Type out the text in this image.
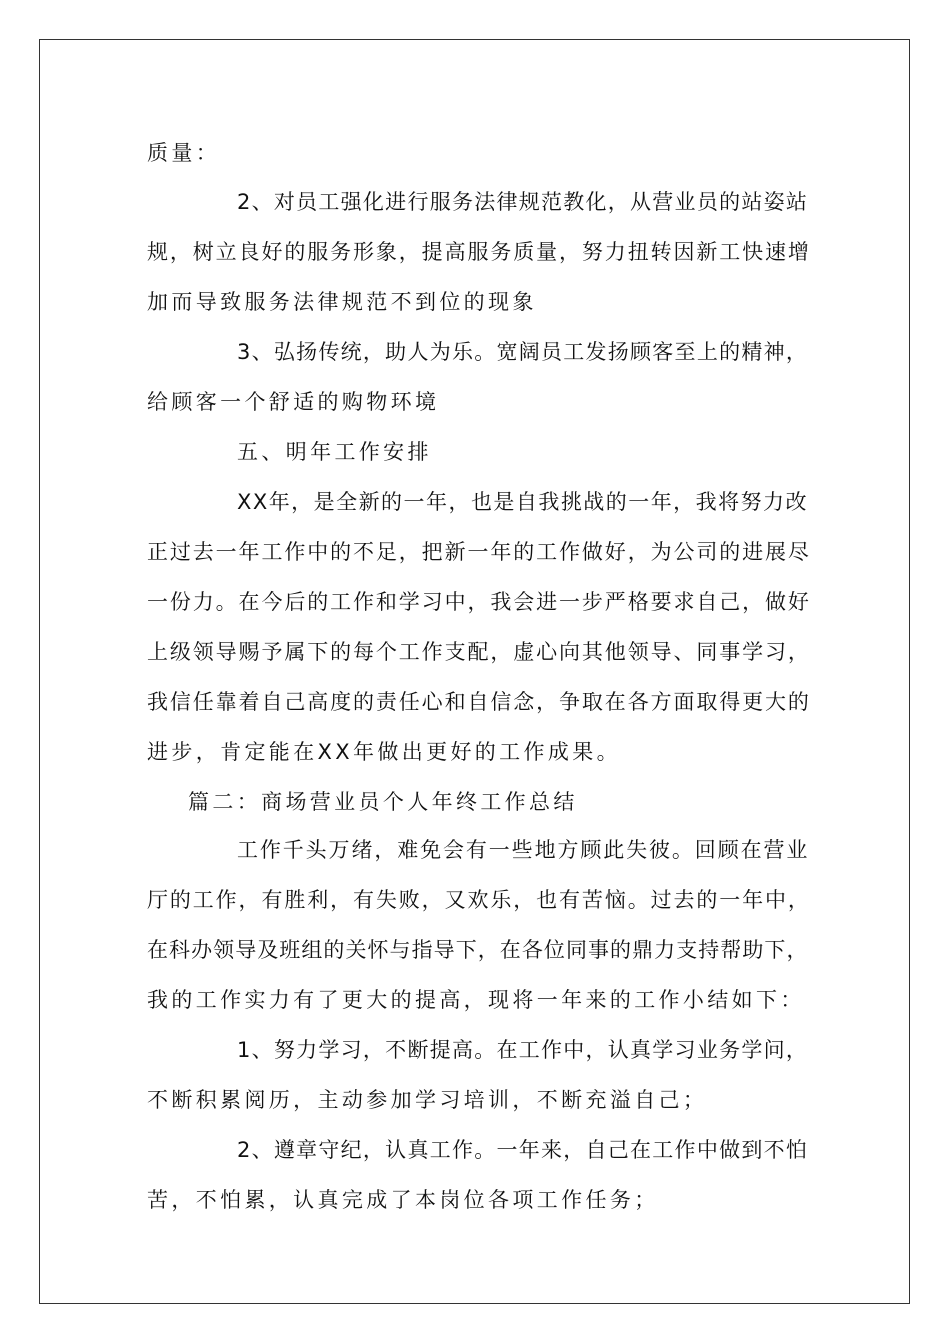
质量：
2、对员工强化进行服务法律规范教化，从营业员的站姿站
规，树立良好的服务形象，提高服务质量，努力扭转因新工快速增
加而导致服务法律规范不到位的现象
3、弘扬传统，助人为乐。宽阔员工发扬顾客至上的精神，
给顾客一个舒适的购物环境
五、明年工作安排
XX年，是全新的一年，也是自我挑战的一年，我将努力改
正过去一年工作中的不足，把新一年的工作做好，为公司的进展尽
一份力。在今后的工作和学习中，我会进一步严格要求自己，做好
上级领导赐予属下的每个工作支配，虚心向其他领导、同事学习，
我信任靠着自己高度的责任心和自信念，争取在各方面取得更大的
进步，肯定能在XX年做出更好的工作成果。
篇二：商场营业员个人年终工作总结
工作千头万绪，难免会有一些地方顾此失彼。回顾在营业
厅的工作，有胜利，有失败，又欢乐，也有苦恼。过去的一年中，
在科办领导及班组的关怀与指导下，在各位同事的鼎力支持帮助下，
我的工作实力有了更大的提高，现将一年来的工作小结如下：
1、努力学习，不断提高。在工作中，认真学习业务学问，
不断积累阅历，主动参加学习培训，不断充溢自己；
2、遵章守纪，认真工作。一年来，自己在工作中做到不怕
苦，不怕累，认真完成了本岗位各项工作任务；
